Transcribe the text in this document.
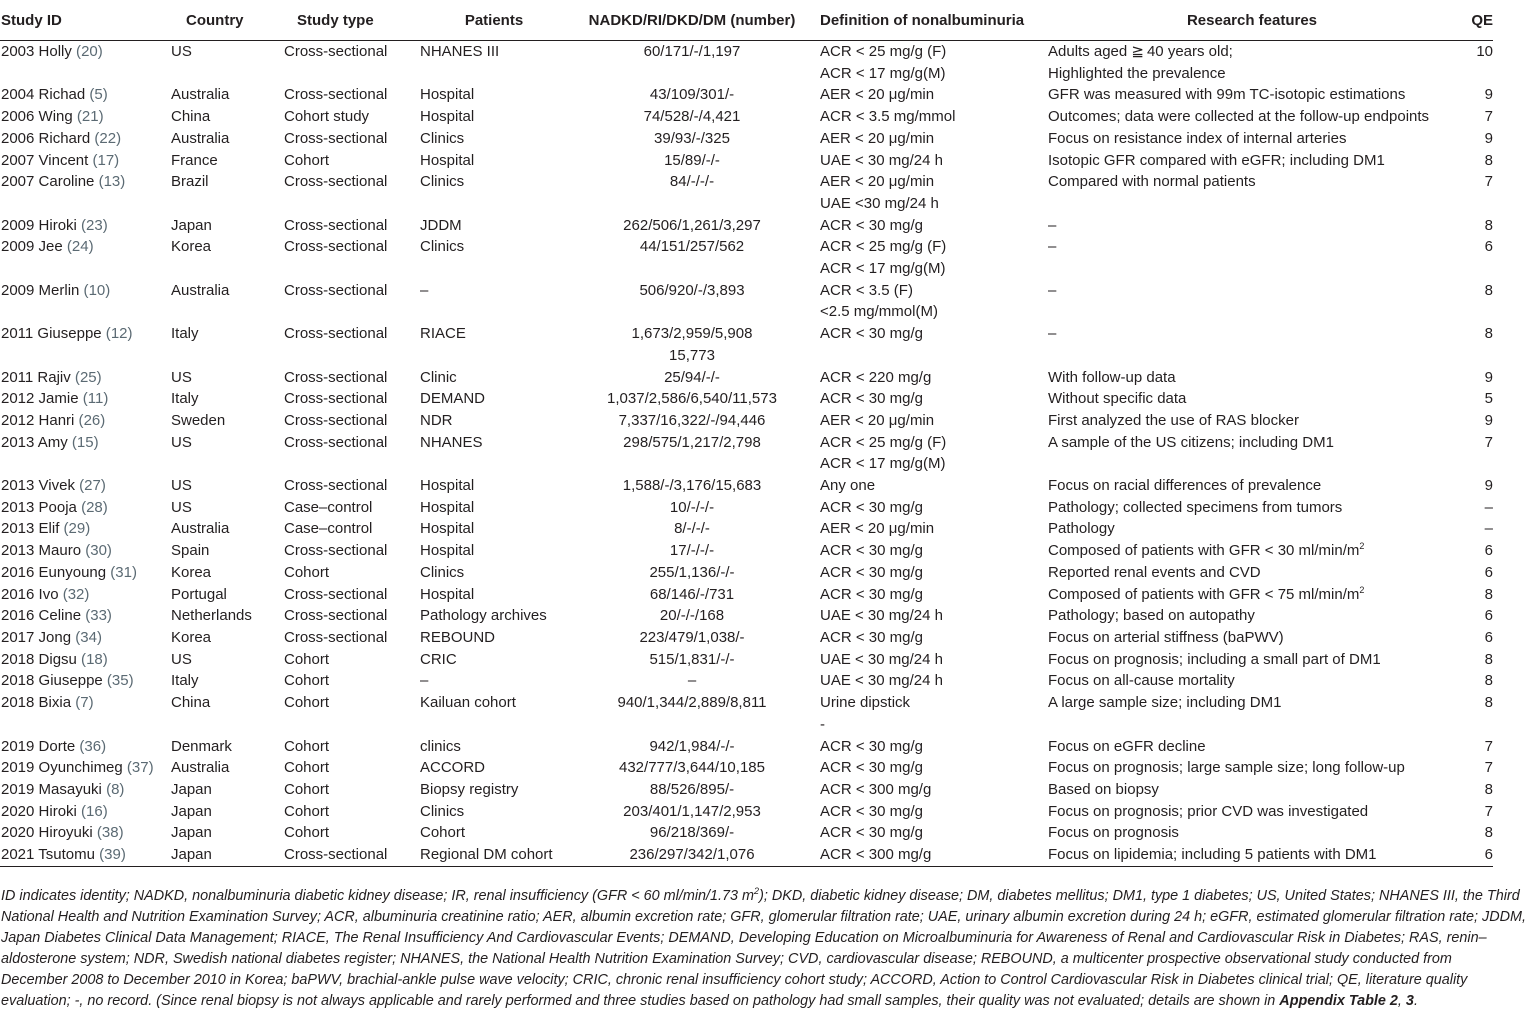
Study ID	Country	Study type	Patients	NADKD/RI/DKD/DM (number)	Definition of nonalbuminuria	Research features	QE
2003 Holly (20)	US	Cross-sectional	NHANES III	60/171/-/1,197	ACR < 25 mg/g (F)	Adults aged ≧ 40 years old;	10
					ACR < 17 mg/g(M)	Highlighted the prevalence	
2004 Richad (5)	Australia	Cross-sectional	Hospital	43/109/301/-	AER < 20 μg/min	GFR was measured with 99m TC-isotopic estimations	9
2006 Wing (21)	China	Cohort study	Hospital	74/528/-/4,421	ACR < 3.5 mg/mmol	Outcomes; data were collected at the follow-up endpoints	7
2006 Richard (22)	Australia	Cross-sectional	Clinics	39/93/-/325	AER < 20 μg/min	Focus on resistance index of internal arteries	9
2007 Vincent (17)	France	Cohort	Hospital	15/89/-/-	UAE < 30 mg/24 h	Isotopic GFR compared with eGFR; including DM1	8
2007 Caroline (13)	Brazil	Cross-sectional	Clinics	84/-/-/-	AER < 20 μg/min	Compared with normal patients	7
					UAE <30 mg/24 h		
2009 Hiroki (23)	Japan	Cross-sectional	JDDM	262/506/1,261/3,297	ACR < 30 mg/g	–	8
2009 Jee (24)	Korea	Cross-sectional	Clinics	44/151/257/562	ACR < 25 mg/g (F)	–	6
					ACR < 17 mg/g(M)		
2009 Merlin (10)	Australia	Cross-sectional	–	506/920/-/3,893	ACR < 3.5 (F)	–	8
					<2.5 mg/mmol(M)		
2011 Giuseppe (12)	Italy	Cross-sectional	RIACE	1,673/2,959/5,908	ACR < 30 mg/g	–	8
				15,773			
2011 Rajiv (25)	US	Cross-sectional	Clinic	25/94/-/-	ACR < 220 mg/g	With follow-up data	9
2012 Jamie (11)	Italy	Cross-sectional	DEMAND	1,037/2,586/6,540/11,573	ACR < 30 mg/g	Without specific data	5
2012 Hanri (26)	Sweden	Cross-sectional	NDR	7,337/16,322/-/94,446	AER < 20 μg/min	First analyzed the use of RAS blocker	9
2013 Amy (15)	US	Cross-sectional	NHANES	298/575/1,217/2,798	ACR < 25 mg/g (F)	A sample of the US citizens; including DM1	7
					ACR < 17 mg/g(M)		
2013 Vivek (27)	US	Cross-sectional	Hospital	1,588/-/3,176/15,683	Any one	Focus on racial differences of prevalence	9
2013 Pooja (28)	US	Case–control	Hospital	10/-/-/-	ACR < 30 mg/g	Pathology; collected specimens from tumors	–
2013 Elif (29)	Australia	Case–control	Hospital	8/-/-/-	AER < 20 μg/min	Pathology	–
2013 Mauro (30)	Spain	Cross-sectional	Hospital	17/-/-/-	ACR < 30 mg/g	Composed of patients with GFR < 30 $ml/\min/m^2$	6
2016 Eunyoung (31)	Korea	Cohort	Clinics	255/1,136/-/-	ACR < 30 mg/g	Reported renal events and CVD	6
2016 Ivo (32)	Portugal	Cross-sectional	Hospital	68/146/-/731	ACR < 30 mg/g	Composed of patients with GFR < 75 $ml/\min/m^2$	8
2016 Celine (33)	Netherlands	Cross-sectional	Pathology archives	20/-/-/168	UAE < 30 mg/24 h	Pathology; based on autopathy	6
2017 Jong (34)	Korea	Cross-sectional	REBOUND	223/479/1,038/-	ACR < 30 mg/g	Focus on arterial stiffness (baPWV)	6
2018 Digsu (18)	US	Cohort	CRIC	515/1,831/-/-	UAE < 30 mg/24 h	Focus on prognosis; including a small part of DM1	8
2018 Giuseppe (35)	Italy	Cohort	–	–	UAE < 30 mg/24 h	Focus on all-cause mortality	8
2018 Bixia (7)	China	Cohort	Kailuan cohort	940/1,344/2,889/8,811	Urine dipstick	A large sample size; including DM1	8
					-		
2019 Dorte (36)	Denmark	Cohort	clinics	942/1,984/-/-	ACR < 30 mg/g	Focus on eGFR decline	7
2019 Oyunchimeg (37)	Australia	Cohort	ACCORD	432/777/3,644/10,185	ACR < 30 mg/g	Focus on prognosis; large sample size; long follow-up	7
2019 Masayuki (8)	Japan	Cohort	Biopsy registry	88/526/895/-	ACR < 300 mg/g	Based on biopsy	8
2020 Hiroki (16)	Japan	Cohort	Clinics	203/401/1,147/2,953	ACR < 30 mg/g	Focus on prognosis; prior CVD was investigated	7
2020 Hiroyuki (38)	Japan	Cohort	Cohort	96/218/369/-	ACR < 30 mg/g	Focus on prognosis	8
2021 Tsutomu (39)	Japan	Cross-sectional	Regional DM cohort	236/297/342/1,076	ACR < 300 mg/g	Focus on lipidemia; including 5 patients with DM1	6
ID indicates identity; NADKD, nonalbuminuria diabetic kidney disease; IR, renal insufficiency (GFR < 60 ml/min/1.73 $m^2$); DKD, diabetic kidney disease; DM, diabetes mellitus; DM1, type 1 diabetes; US, United States; NHANES III, the Third
National Health and Nutrition Examination Survey; ACR, albuminuria creatinine ratio; AER, albumin excretion rate; GFR, glomerular filtration rate; UAE, urinary albumin excretion during 24 h; eGFR, estimated glomerular filtration rate; JDDM,
Japan Diabetes Clinical Data Management; RIACE, The Renal Insufficiency And Cardiovascular Events; DEMAND, Developing Education on Microalbuminuria for Awareness of Renal and Cardiovascular Risk in Diabetes; RAS, renin–
aldosterone system; NDR, Swedish national diabetes register; NHANES, the National Health Nutrition Examination Survey; CVD, cardiovascular disease; REBOUND, a multicenter prospective observational study conducted from
December 2008 to December 2010 in Korea; baPWV, brachial-ankle pulse wave velocity; CRIC, chronic renal insufficiency cohort study; ACCORD, Action to Control Cardiovascular Risk in Diabetes clinical trial; QE, literature quality
evaluation; -, no record. (Since renal biopsy is not always applicable and rarely performed and three studies based on pathology had small samples, their quality was not evaluated; details are shown in Appendix Table 2, 3.
